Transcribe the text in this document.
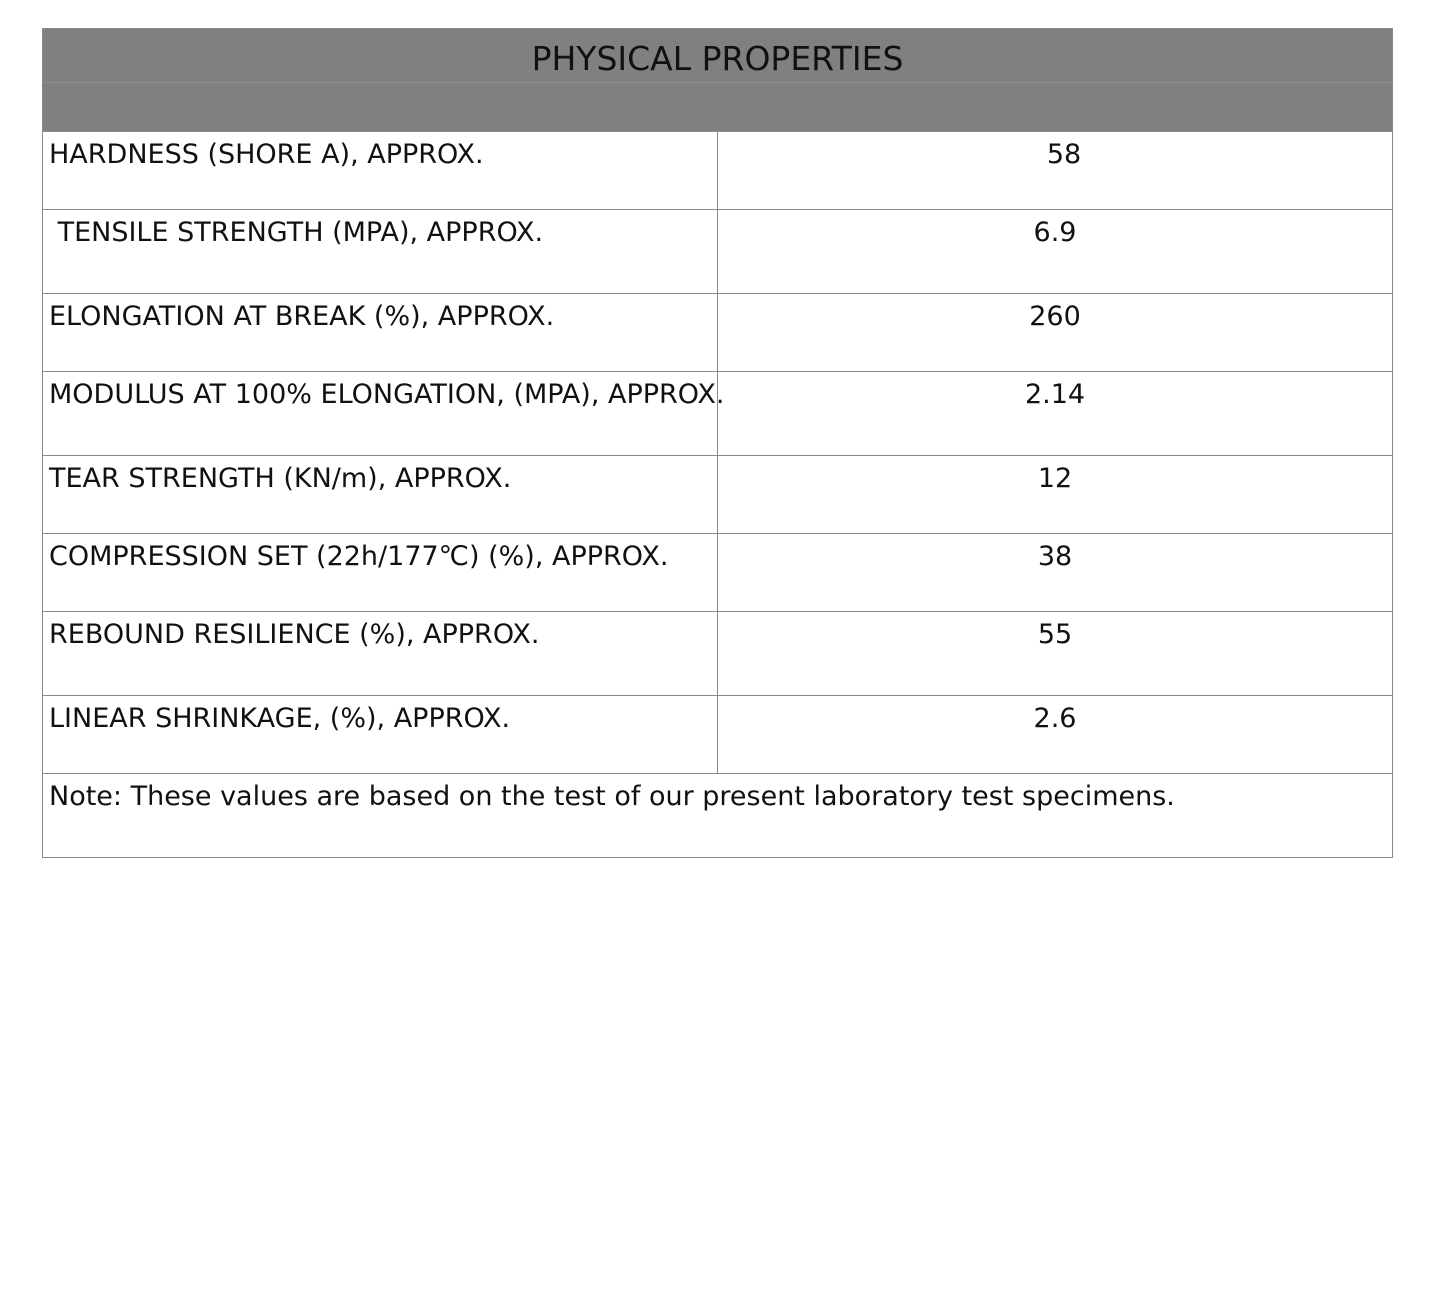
PHYSICAL PROPERTIES	

HARDNESS (SHORE A), APPROX.	58
TENSILE STRENGTH (MPA), APPROX.	6.9
ELONGATION AT BREAK (%), APPROX.	260
MODULUS AT 100% ELONGATION, (MPA), APPROX.	2.14
TEAR STRENGTH (KN/m), APPROX.	12
COMPRESSION SET (22h/177℃) (%), APPROX.	38
REBOUND RESILIENCE (%), APPROX.	55
LINEAR SHRINKAGE, (%), APPROX.	2.6
Note: These values are based on the test of our present laboratory test specimens.	
